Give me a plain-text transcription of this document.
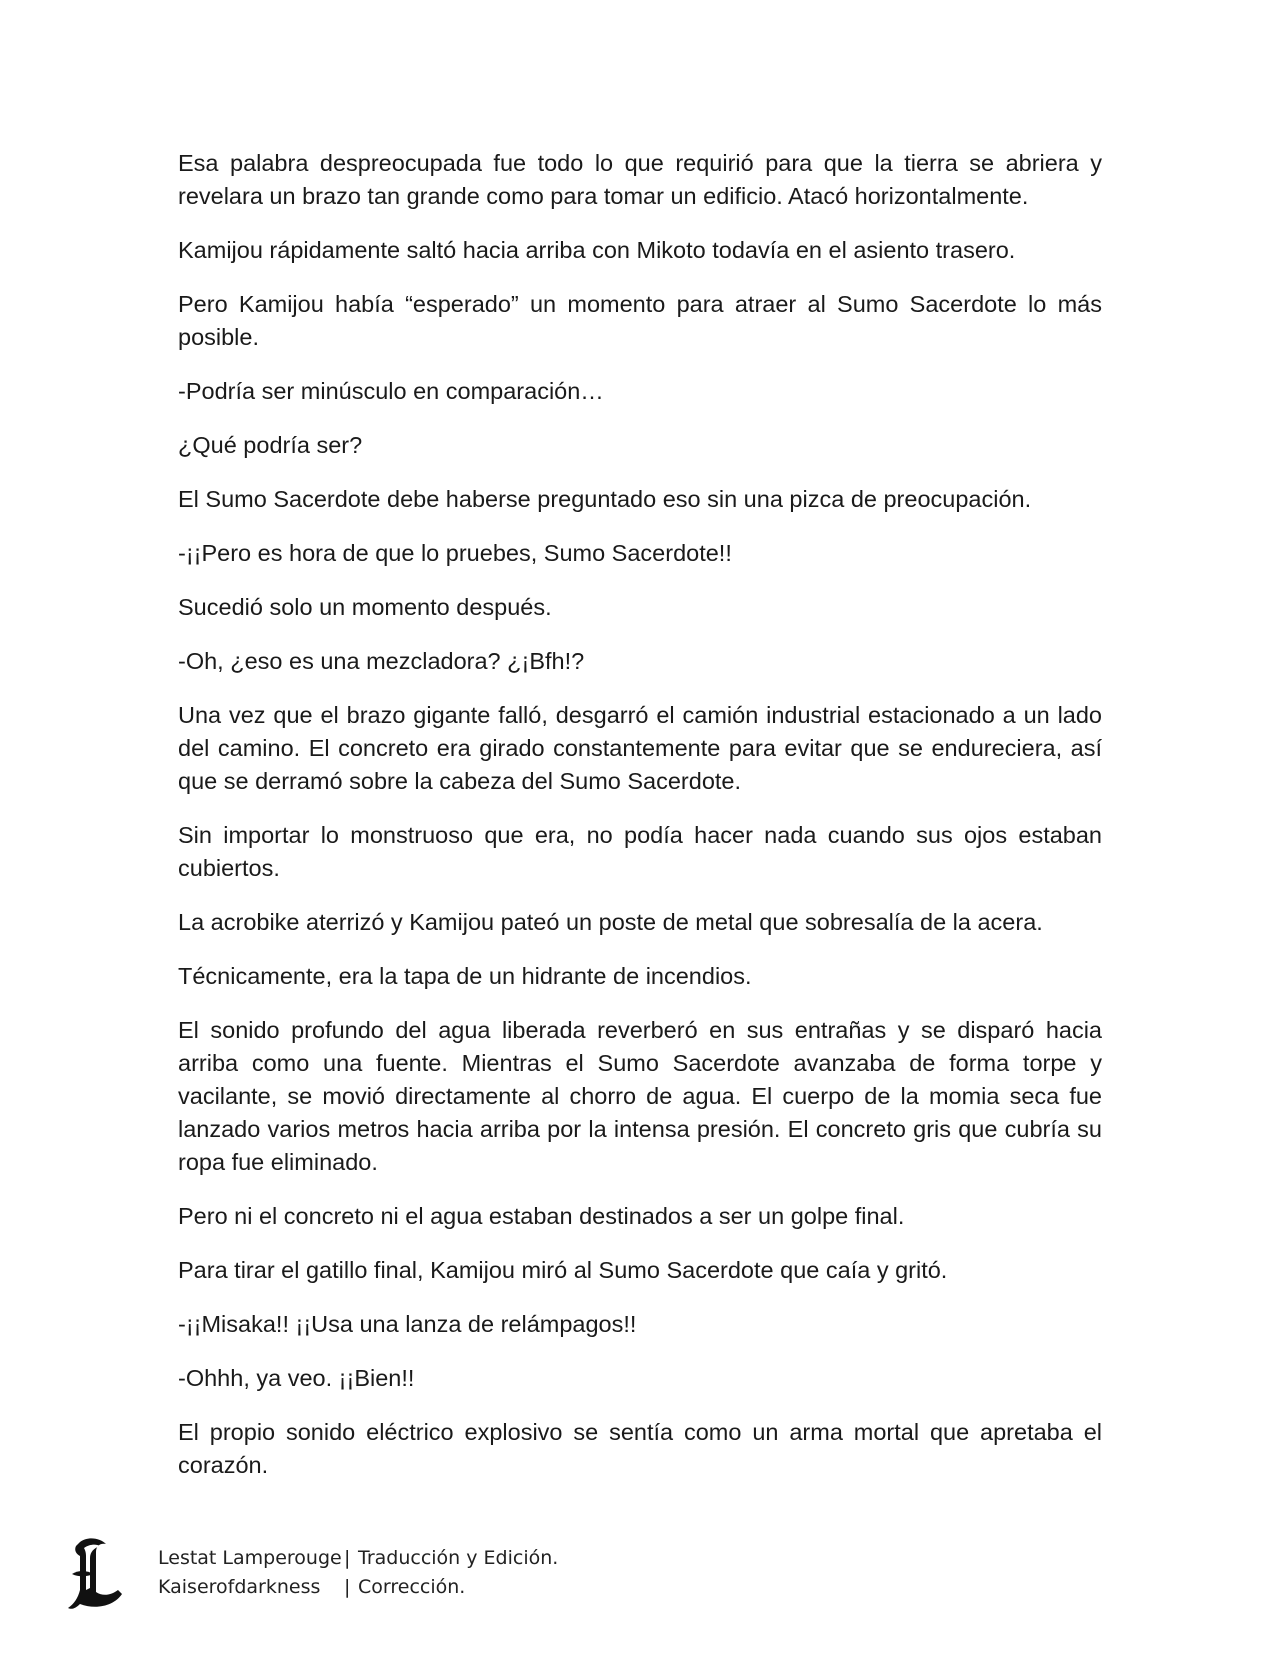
Esa palabra despreocupada fue todo lo que requirió para que la tierra se abriera y revelara un brazo tan grande como para tomar un edificio. Atacó horizontalmente.

Kamijou rápidamente saltó hacia arriba con Mikoto todavía en el asiento trasero.

Pero Kamijou había “esperado” un momento para atraer al Sumo Sacerdote lo más posible.

-Podría ser minúsculo en comparación…

¿Qué podría ser?

El Sumo Sacerdote debe haberse preguntado eso sin una pizca de preocupación.

-¡¡Pero es hora de que lo pruebes, Sumo Sacerdote!!

Sucedió solo un momento después.

-Oh, ¿eso es una mezcladora? ¿¡Bfh!?

Una vez que el brazo gigante falló, desgarró el camión industrial estacionado a un lado del camino. El concreto era girado constantemente para evitar que se endureciera, así que se derramó sobre la cabeza del Sumo Sacerdote.

Sin importar lo monstruoso que era, no podía hacer nada cuando sus ojos estaban cubiertos.

La acrobike aterrizó y Kamijou pateó un poste de metal que sobresalía de la acera.

Técnicamente, era la tapa de un hidrante de incendios.

El sonido profundo del agua liberada reverberó en sus entrañas y se disparó hacia arriba como una fuente. Mientras el Sumo Sacerdote avanzaba de forma torpe y vacilante, se movió directamente al chorro de agua. El cuerpo de la momia seca fue lanzado varios metros hacia arriba por la intensa presión. El concreto gris que cubría su ropa fue eliminado.

Pero ni el concreto ni el agua estaban destinados a ser un golpe final.

Para tirar el gatillo final, Kamijou miró al Sumo Sacerdote que caía y gritó.

-¡¡Misaka!! ¡¡Usa una lanza de relámpagos!!

-Ohhh, ya veo. ¡¡Bien!!

El propio sonido eléctrico explosivo se sentía como un arma mortal que apretaba el corazón.

Lestat Lamperouge | Traducción y Edición.
Kaiserofdarkness	| Corrección.
